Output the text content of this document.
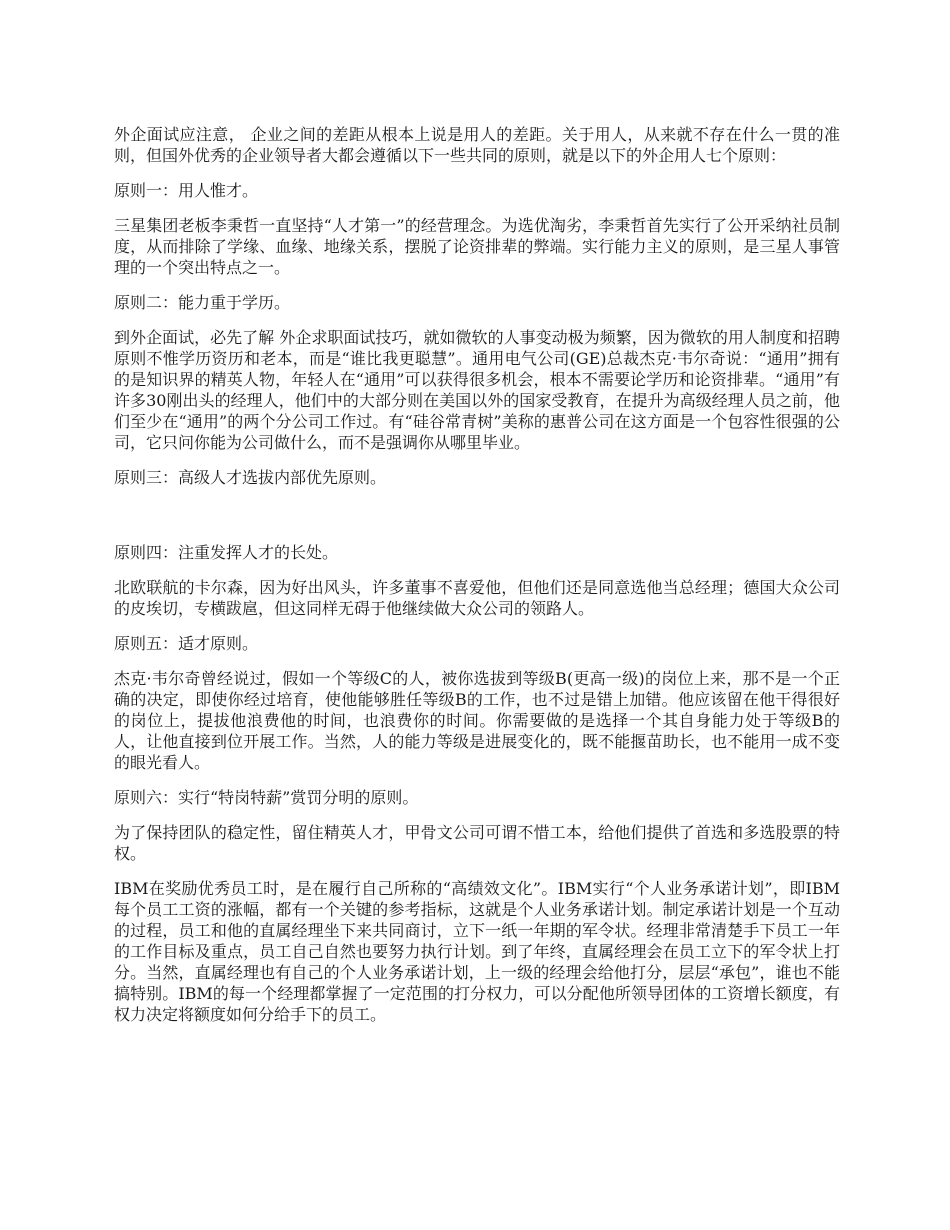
外企面试应注意， 企业之间的差距从根本上说是用人的差距。关于用人，从来就不存在什么一贯的准则，但国外优秀的企业领导者大都会遵循以下一些共同的原则，就是以下的外企用人七个原则：

原则一：用人惟才。

三星集团老板李秉哲一直坚持“人才第一”的经营理念。为选优淘劣，李秉哲首先实行了公开采纳社员制度，从而排除了学缘、血缘、地缘关系，摆脱了论资排辈的弊端。实行能力主义的原则，是三星人事管理的一个突出特点之一。

原则二：能力重于学历。

到外企面试，必先了解 外企求职面试技巧，就如微软的人事变动极为频繁，因为微软的用人制度和招聘原则不惟学历资历和老本，而是“谁比我更聪慧”。通用电气公司(GE)总裁杰克·韦尔奇说：“通用”拥有的是知识界的精英人物，年轻人在“通用”可以获得很多机会，根本不需要论学历和论资排辈。“通用”有许多30刚出头的经理人，他们中的大部分则在美国以外的国家受教育，在提升为高级经理人员之前，他们至少在“通用”的两个分公司工作过。有“硅谷常青树”美称的惠普公司在这方面是一个包容性很强的公司，它只问你能为公司做什么，而不是强调你从哪里毕业。

原则三：高级人才选拔内部优先原则。

原则四：注重发挥人才的长处。

北欧联航的卡尔森，因为好出风头，许多董事不喜爱他，但他们还是同意选他当总经理；德国大众公司的皮埃切，专横跋扈，但这同样无碍于他继续做大众公司的领路人。

原则五：适才原则。

杰克·韦尔奇曾经说过，假如一个等级C的人，被你选拔到等级B(更高一级)的岗位上来，那不是一个正确的决定，即使你经过培育，使他能够胜任等级B的工作，也不过是错上加错。他应该留在他干得很好的岗位上，提拔他浪费他的时间，也浪费你的时间。你需要做的是选择一个其自身能力处于等级B的人，让他直接到位开展工作。当然，人的能力等级是进展变化的，既不能揠苗助长，也不能用一成不变的眼光看人。

原则六：实行“特岗特薪”赏罚分明的原则。

为了保持团队的稳定性，留住精英人才，甲骨文公司可谓不惜工本，给他们提供了首选和多选股票的特权。

IBM在奖励优秀员工时，是在履行自己所称的“高绩效文化”。IBM实行“个人业务承诺计划”，即IBM每个员工工资的涨幅，都有一个关键的参考指标，这就是个人业务承诺计划。制定承诺计划是一个互动的过程，员工和他的直属经理坐下来共同商讨，立下一纸一年期的军令状。经理非常清楚手下员工一年的工作目标及重点，员工自己自然也要努力执行计划。到了年终，直属经理会在员工立下的军令状上打分。当然，直属经理也有自己的个人业务承诺计划，上一级的经理会给他打分，层层“承包”，谁也不能搞特别。IBM的每一个经理都掌握了一定范围的打分权力，可以分配他所领导团体的工资增长额度，有权力决定将额度如何分给手下的员工。
